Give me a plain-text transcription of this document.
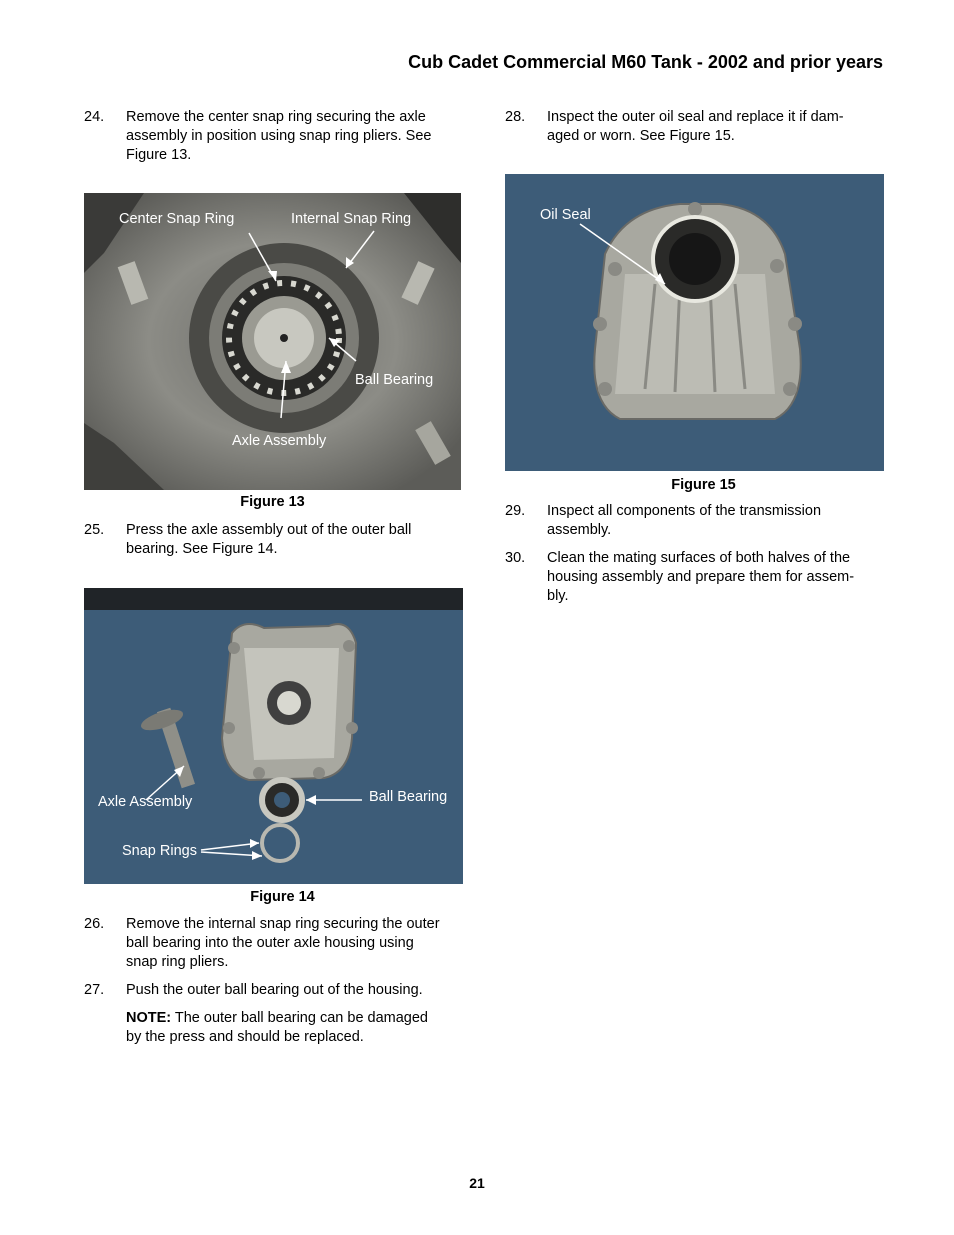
Cub Cadet Commercial M60 Tank - 2002 and prior years
24. Remove the center snap ring securing the axle
assembly in position using snap ring pliers. See
Figure 13.
Center Snap Ring	Internal Snap Ring
Ball Bearing
Axle Assembly
Figure 13
25. Press the axle assembly out of the outer ball
bearing. See Figure 14.
Axle Assembly	Ball Bearing
Snap Rings
Figure 14
26. Remove the internal snap ring securing the outer
ball bearing into the outer axle housing using
snap ring pliers.
27. Push the outer ball bearing out of the housing.
NOTE: The outer ball bearing can be damaged
by the press and should be replaced.
28. Inspect the outer oil seal and replace it if dam-
aged or worn. See Figure 15.
Oil Seal
Figure 15
29. Inspect all components of the transmission
assembly.
30. Clean the mating surfaces of both halves of the
housing assembly and prepare them for assem-
bly.
21
